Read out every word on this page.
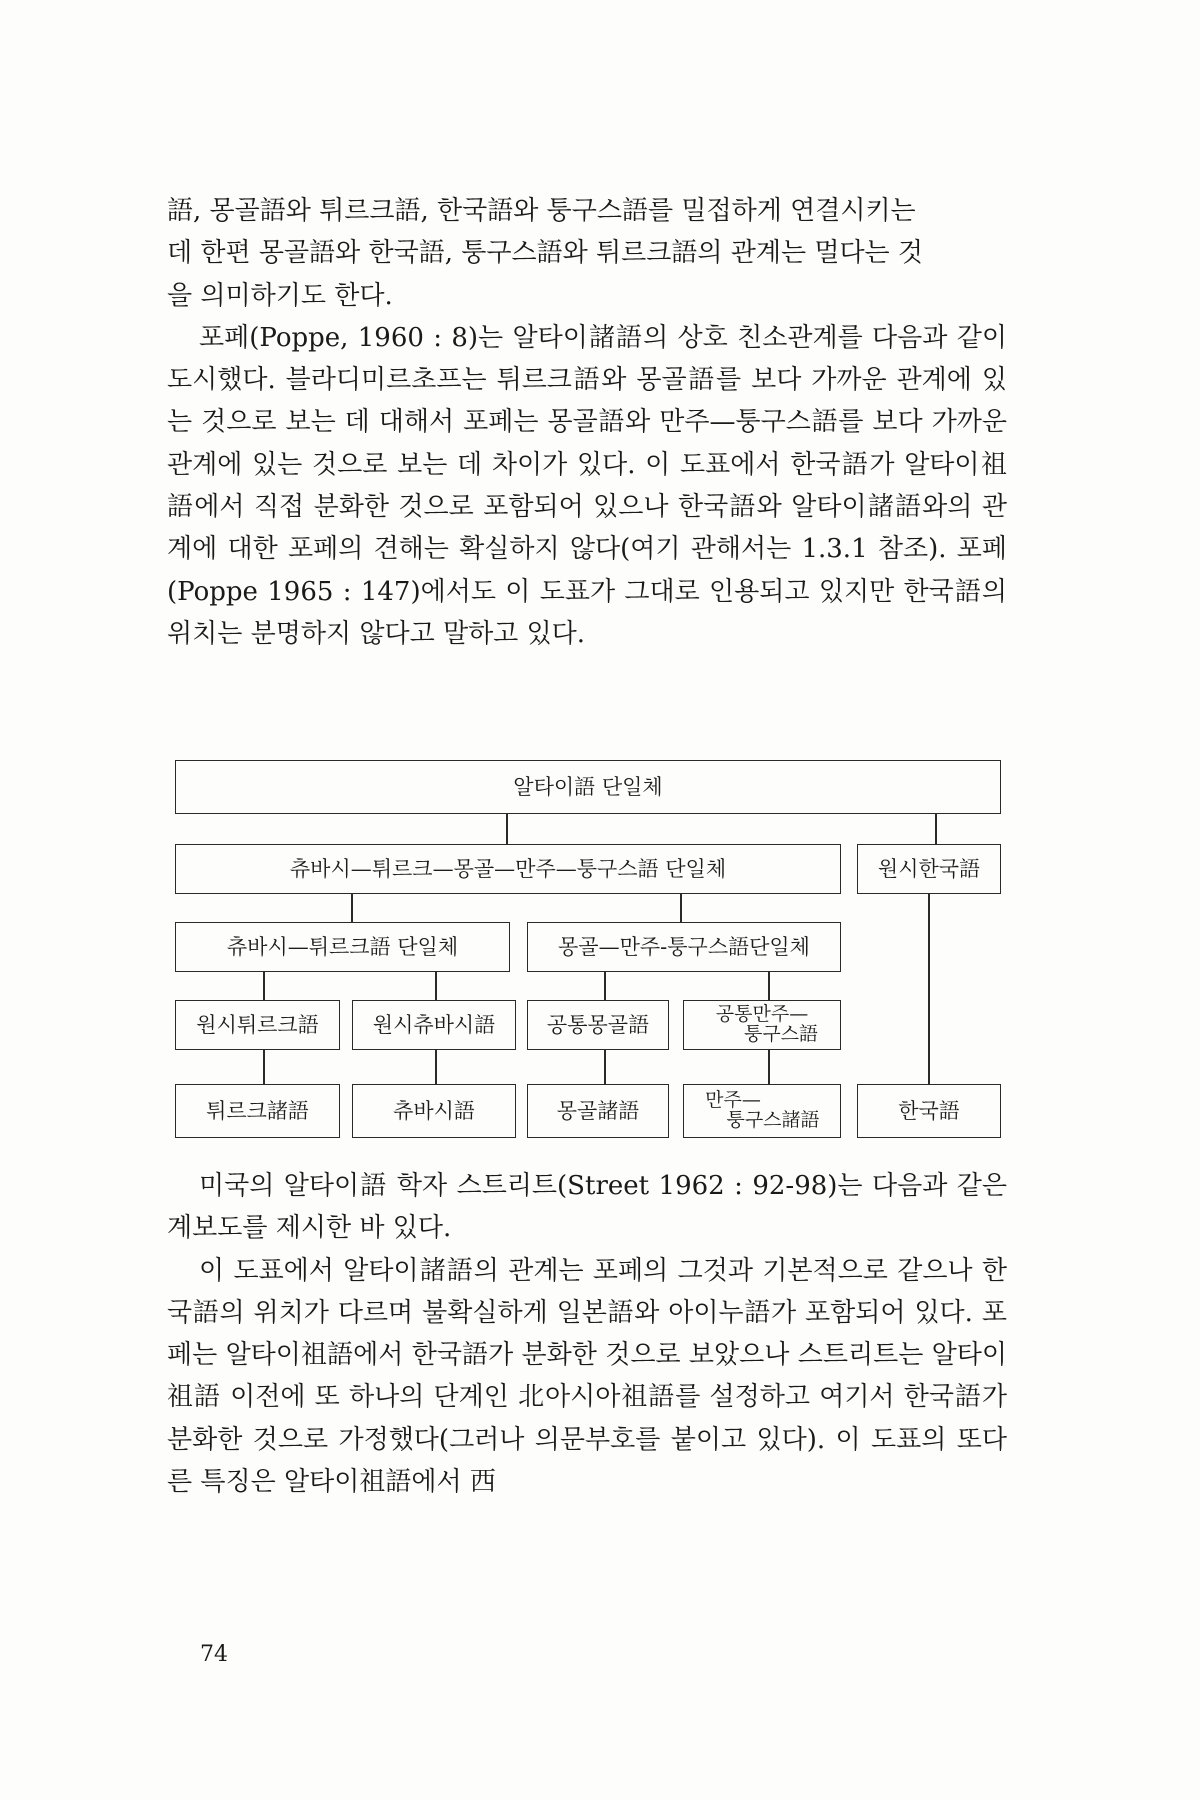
語, 몽골語와 튀르크語, 한국語와 퉁구스語를 밀접하게 연결시키는

데 한편 몽골語와 한국語, 퉁구스語와 튀르크語의 관계는 멀다는 것

을 의미하기도 한다.

포페(Poppe, 1960 : 8)는 알타이諸語의 상호 친소관계를 다음과 같이 도시했다. 블라디미르초프는 튀르크語와 몽골語를 보다 가까운 관계에 있는 것으로 보는 데 대해서 포페는 몽골語와 만주—퉁구스語를 보다 가까운 관계에 있는 것으로 보는 데 차이가 있다. 이 도표에서 한국語가 알타이祖語에서 직접 분화한 것으로 포함되어 있으나 한국語와 알타이諸語와의 관계에 대한 포페의 견해는 확실하지 않다(여기 관해서는 1.3.1 참조). 포페(Poppe 1965 : 147)에서도 이 도표가 그대로 인용되고 있지만 한국語의 위치는 분명하지 않다고 말하고 있다.

알타이語 단일체
츄바시—튀르크—몽골—만주—퉁구스語 단일체	원시한국語
츄바시—튀르크語 단일체	몽골—만주-퉁구스語단일체
원시튀르크語	원시츄바시語	공통몽골語	공통만주—
퉁구스語
튀르크諸語	츄바시語	몽골諸語	만주—
퉁구스諸語	한국語

미국의 알타이語 학자 스트리트(Street 1962 : 92-98)는 다음과 같은 계보도를 제시한 바 있다.

이 도표에서 알타이諸語의 관계는 포페의 그것과 기본적으로 같으나 한국語의 위치가 다르며 불확실하게 일본語와 아이누語가 포함되어 있다. 포페는 알타이祖語에서 한국語가 분화한 것으로 보았으나 스트리트는 알타이 祖語 이전에 또 하나의 단계인 北아시아祖語를 설정하고 여기서 한국語가 분화한 것으로 가정했다(그러나 의문부호를 붙이고 있다). 이 도표의 또다른 특징은 알타이祖語에서 西

74
